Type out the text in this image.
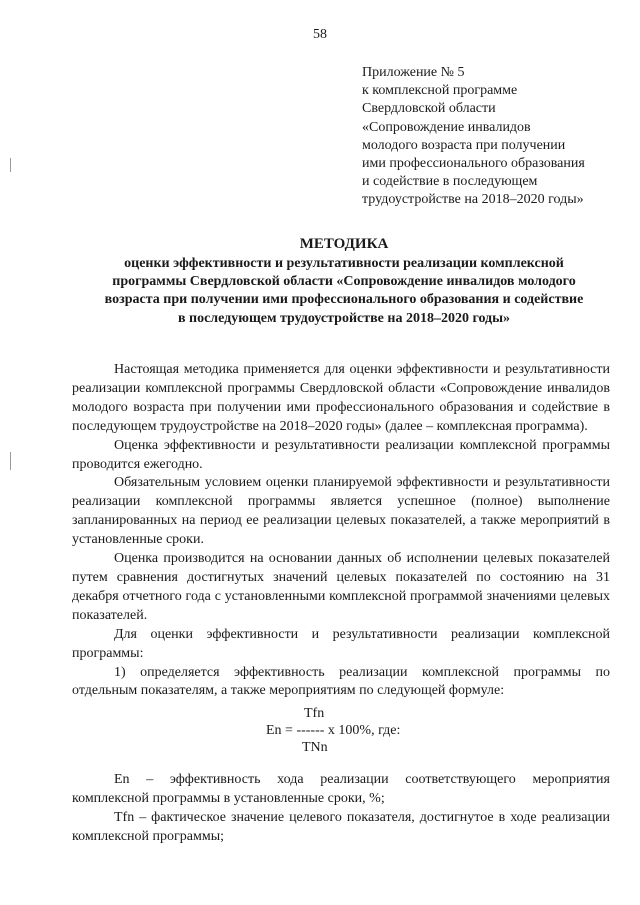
58
Приложение № 5
к комплексной программе
Свердловской области
«Сопровождение инвалидов
молодого возраста при получении
ими профессионального образования
и содействие в последующем
трудоустройстве на 2018–2020 годы»
МЕТОДИКА
оценки эффективности и результативности реализации комплексной
программы Свердловской области «Сопровождение инвалидов молодого
возраста при получении ими профессионального образования и содействие
в последующем трудоустройстве на 2018–2020 годы»

Настоящая методика применяется для оценки эффективности и результативности реализации комплексной программы Свердловской области «Сопровождение инвалидов молодого возраста при получении ими профессионального образования и содействие в последующем трудоустройстве на 2018–2020 годы» (далее – комплексная программа).

Оценка эффективности и результативности реализации комплексной программы проводится ежегодно.

Обязательным условием оценки планируемой эффективности и результативности реализации комплексной программы является успешное (полное) выполнение запланированных на период ее реализации целевых показателей, а также мероприятий в установленные сроки.

Оценка производится на основании данных об исполнении целевых показателей путем сравнения достигнутых значений целевых показателей по состоянию на 31 декабря отчетного года с установленными комплексной программой значениями целевых показателей.

Для оценки эффективности и результативности реализации комплексной программы:

1) определяется эффективность реализации комплексной программы по отдельным показателям, а также мероприятиям по следующей формуле:

Tfn
En = ------ x 100%, где:
TNn

En – эффективность хода реализации соответствующего мероприятия комплексной программы в установленные сроки, %;

Tfn – фактическое значение целевого показателя, достигнутое в ходе реализации комплексной программы;
